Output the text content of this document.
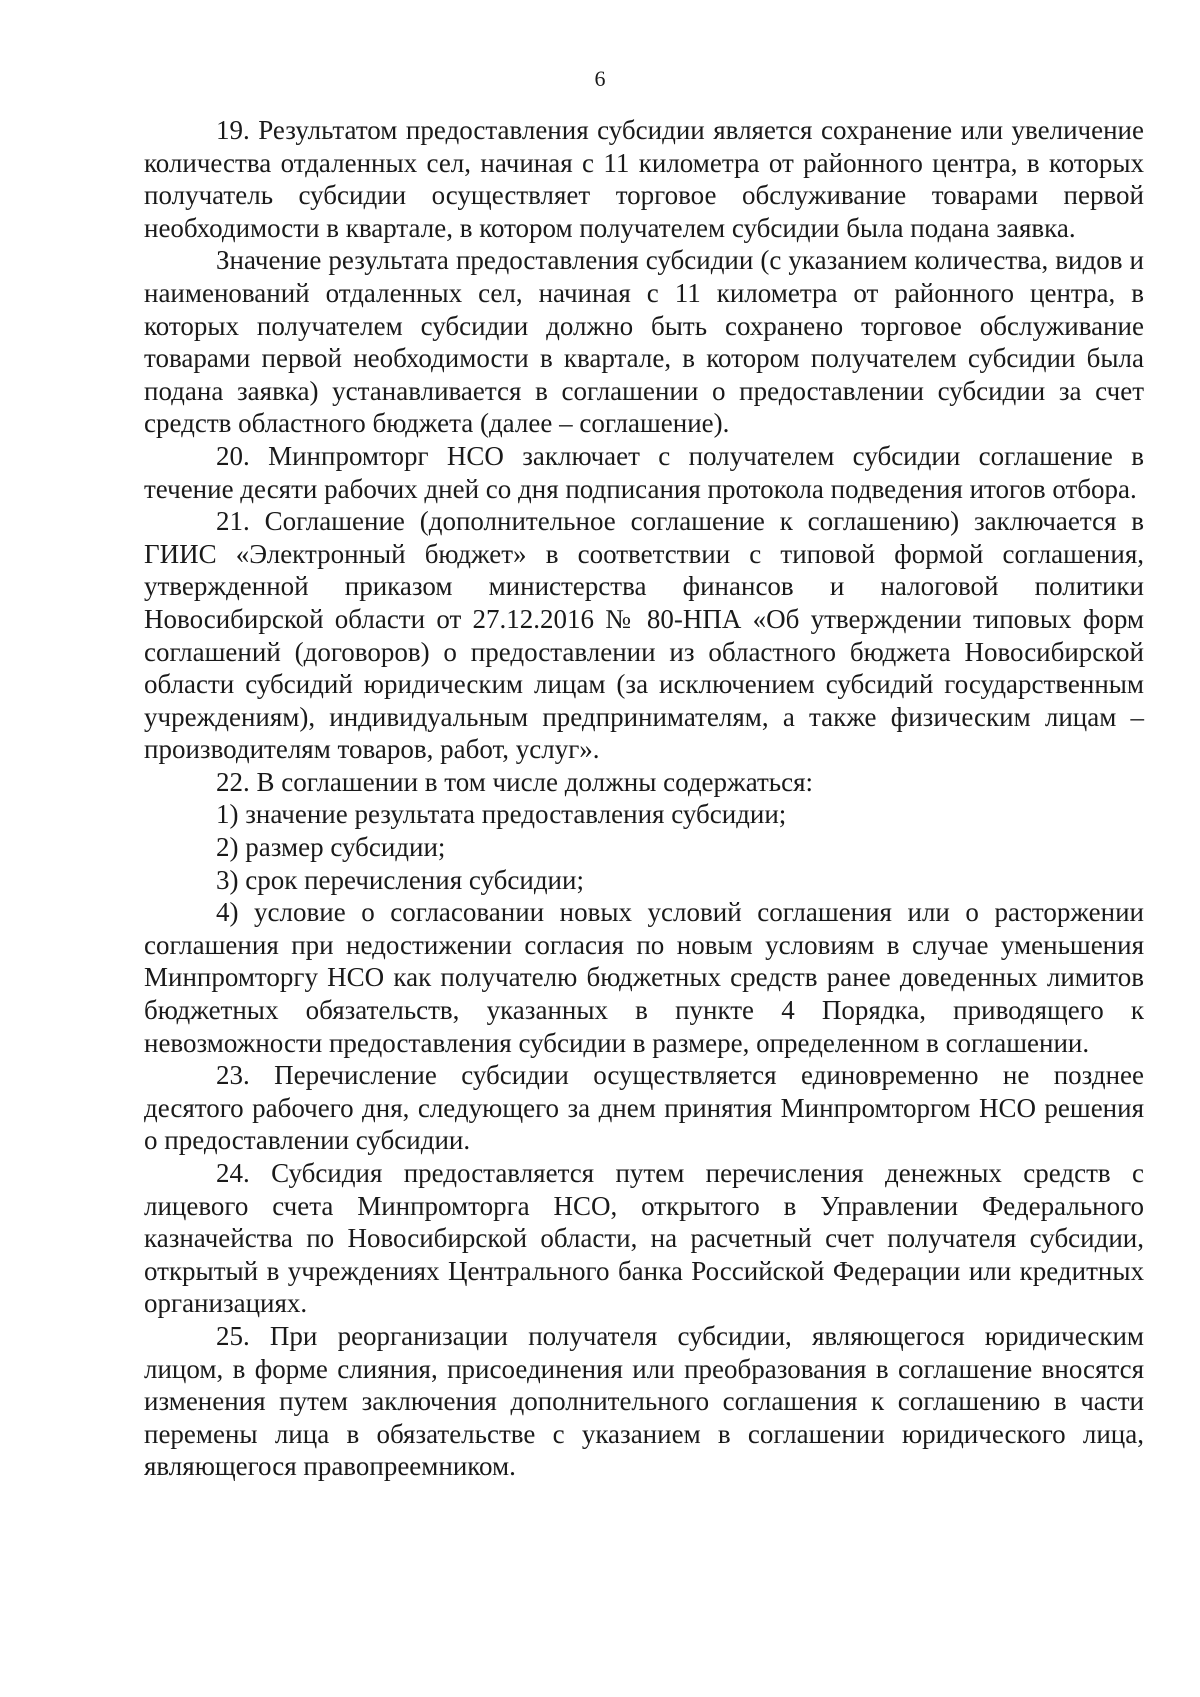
6

19. Результатом предоставления субсидии является сохранение или увеличение количества отдаленных сел, начиная с 11 километра от районного центра, в которых получатель субсидии осуществляет торговое обслуживание товарами первой необходимости в квартале, в котором получателем субсидии была подана заявка.

Значение результата предоставления субсидии (с указанием количества, видов и наименований отдаленных сел, начиная с 11 километра от районного центра, в которых получателем субсидии должно быть сохранено торговое обслуживание товарами первой необходимости в квартале, в котором получателем субсидии была подана заявка) устанавливается в соглашении о предоставлении субсидии за счет средств областного бюджета (далее – соглашение).

20. Минпромторг НСО заключает с получателем субсидии соглашение в течение десяти рабочих дней со дня подписания протокола подведения итогов отбора.

21. Соглашение (дополнительное соглашение к соглашению) заключается в ГИИС «Электронный бюджет» в соответствии с типовой формой соглашения, утвержденной приказом министерства финансов и налоговой политики Новосибирской области от 27.12.2016 № 80-НПА «Об утверждении типовых форм соглашений (договоров) о предоставлении из областного бюджета Новосибирской области субсидий юридическим лицам (за исключением субсидий государственным учреждениям), индивидуальным предпринимателям, а также физическим лицам – производителям товаров, работ, услуг».

22. В соглашении в том числе должны содержаться:

1) значение результата предоставления субсидии;

2) размер субсидии;

3) срок перечисления субсидии;

4) условие о согласовании новых условий соглашения или о расторжении соглашения при недостижении согласия по новым условиям в случае уменьшения Минпромторгу НСО как получателю бюджетных средств ранее доведенных лимитов бюджетных обязательств, указанных в пункте 4 Порядка, приводящего к невозможности предоставления субсидии в размере, определенном в соглашении.

23. Перечисление субсидии осуществляется единовременно не позднее десятого рабочего дня, следующего за днем принятия Минпромторгом НСО решения о предоставлении субсидии.

24. Субсидия предоставляется путем перечисления денежных средств с лицевого счета Минпромторга НСО, открытого в Управлении Федерального казначейства по Новосибирской области, на расчетный счет получателя субсидии, открытый в учреждениях Центрального банка Российской Федерации или кредитных организациях.

25. При реорганизации получателя субсидии, являющегося юридическим лицом, в форме слияния, присоединения или преобразования в соглашение вносятся изменения путем заключения дополнительного соглашения к соглашению в части перемены лица в обязательстве с указанием в соглашении юридического лица, являющегося правопреемником.
